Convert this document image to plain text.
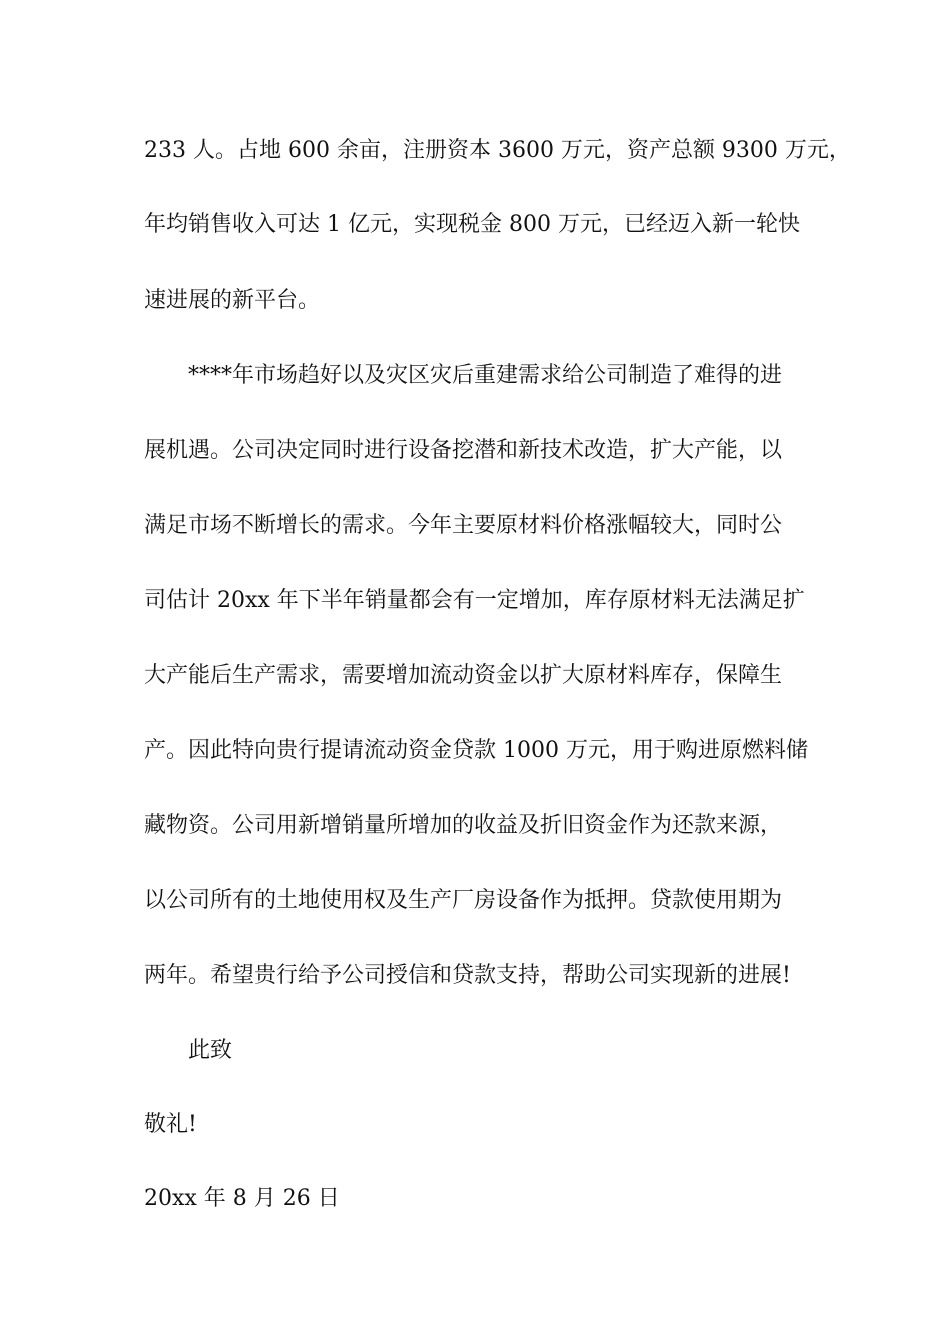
233 人。占地 600 余亩，注册资本 3600 万元，资产总额 9300 万元，
年均销售收入可达 1 亿元，实现税金 800 万元，已经迈入新一轮快
速进展的新平台。
****年市场趋好以及灾区灾后重建需求给公司制造了难得的进
展机遇。公司决定同时进行设备挖潜和新技术改造，扩大产能，以
满足市场不断增长的需求。今年主要原材料价格涨幅较大，同时公
司估计 20xx 年下半年销量都会有一定增加，库存原材料无法满足扩
大产能后生产需求，需要增加流动资金以扩大原材料库存，保障生
产。因此特向贵行提请流动资金贷款 1000 万元，用于购进原燃料储
藏物资。公司用新增销量所增加的收益及折旧资金作为还款来源，
以公司所有的土地使用权及生产厂房设备作为抵押。贷款使用期为
两年。希望贵行给予公司授信和贷款支持，帮助公司实现新的进展!
此致
敬礼!
20xx 年 8 月 26 日
